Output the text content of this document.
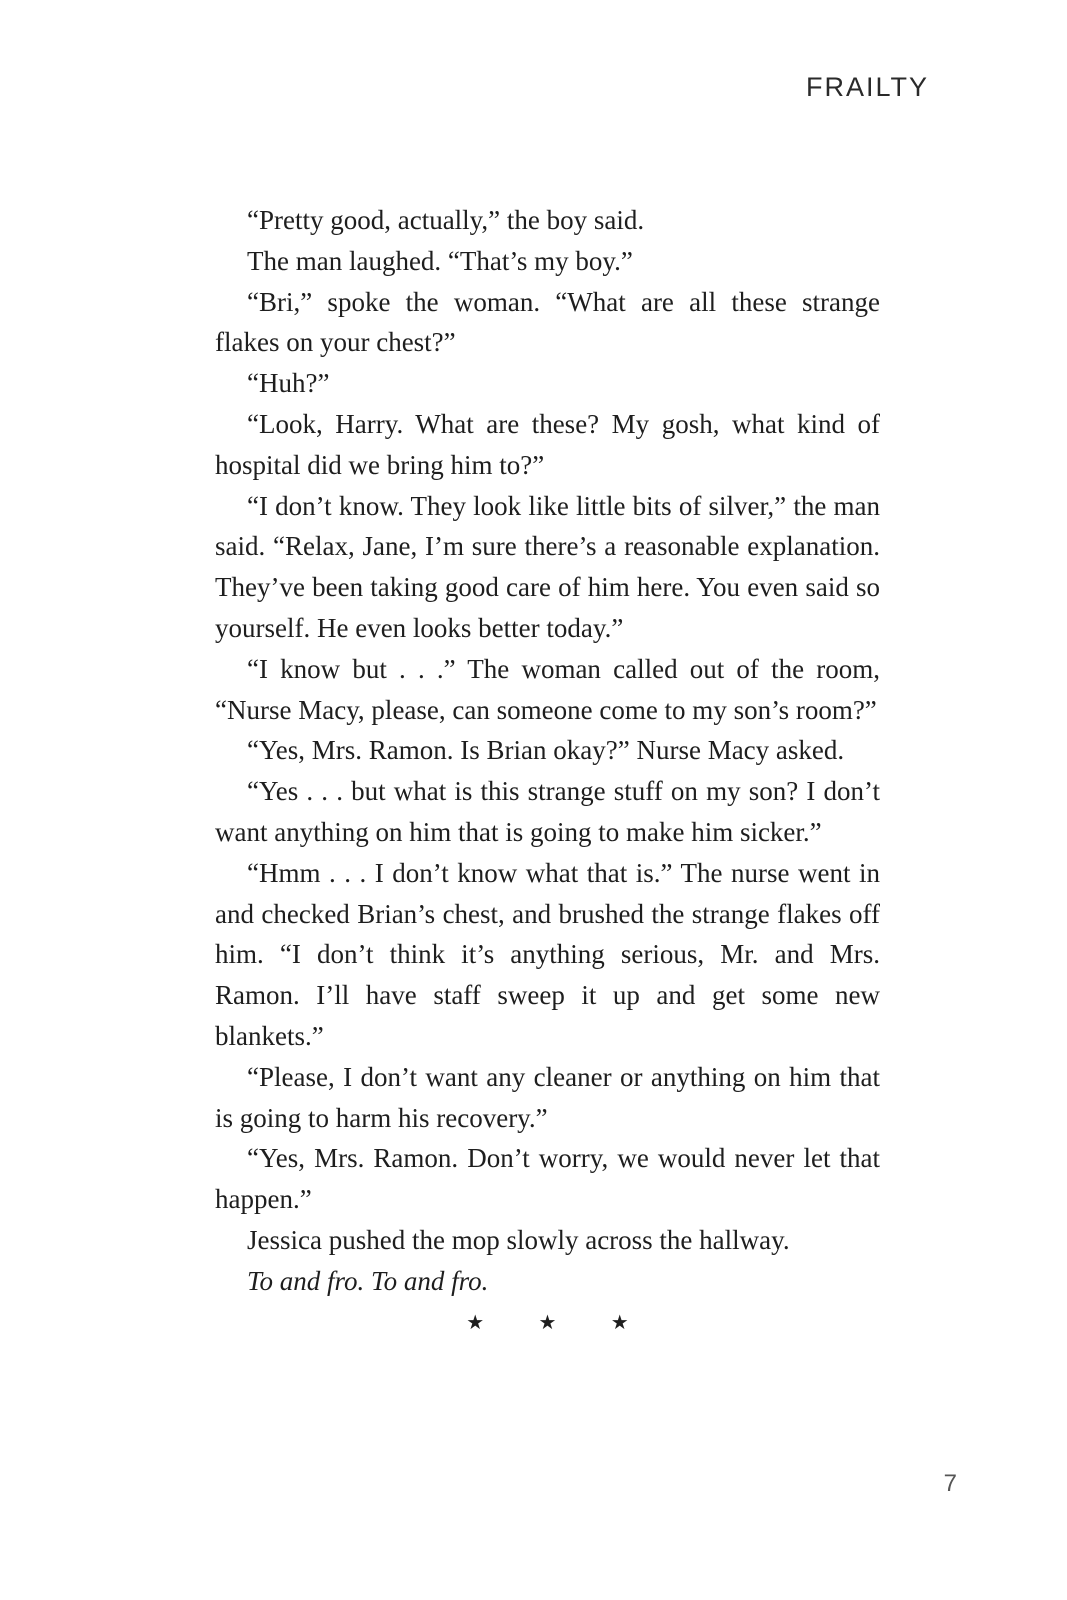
FRAILTY

“Pretty good, actually,” the boy said.

The man laughed. “That’s my boy.”

“Bri,” spoke the woman. “What are all these strange flakes on your chest?”

“Huh?”

“Look, Harry. What are these? My gosh, what kind of hospital did we bring him to?”

“I don’t know. They look like little bits of silver,” the man said. “Relax, Jane, I’m sure there’s a reasonable explanation. They’ve been taking good care of him here. You even said so yourself. He even looks better today.”

“I know but . . .” The woman called out of the room, “Nurse Macy, please, can someone come to my son’s room?”

“Yes, Mrs. Ramon. Is Brian okay?” Nurse Macy asked.

“Yes . . . but what is this strange stuff on my son? I don’t want anything on him that is going to make him sicker.”

“Hmm . . . I don’t know what that is.” The nurse went in and checked Brian’s chest, and brushed the strange flakes off him. “I don’t think it’s anything serious, Mr. and Mrs. Ramon. I’ll have staff sweep it up and get some new blankets.”

“Please, I don’t want any cleaner or anything on him that is going to harm his recovery.”

“Yes, Mrs. Ramon. Don’t worry, we would never let that happen.”

Jessica pushed the mop slowly across the hallway.

To and fro. To and fro.

★ ★ ★
7
